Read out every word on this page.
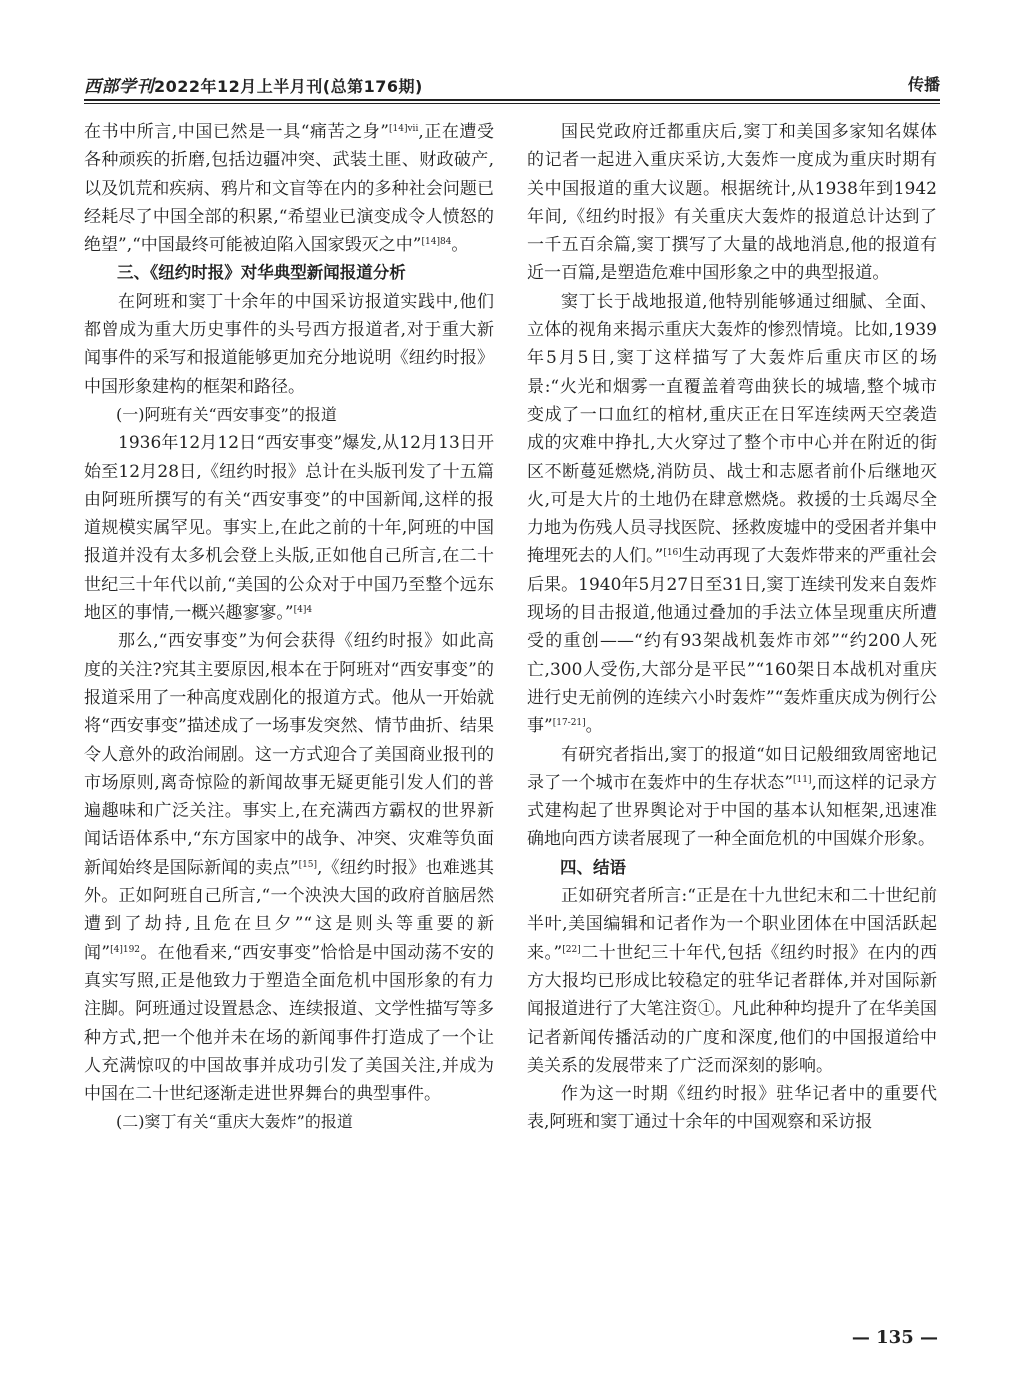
西部学刊2022年12月上半月刊(总第176期)	传播

在书中所言,中国已然是一具“痛苦之身”$^{[14]vii}$,正在遭受各种顽疾的折磨,包括边疆冲突、武装土匪、财政破产,以及饥荒和疾病、鸦片和文盲等在内的多种社会问题已经耗尽了中国全部的积累,“希望业已演变成令人愤怒的绝望”,“中国最终可能被迫陷入国家毁灭之中”$^{[14]84}$。

三、《纽约时报》对华典型新闻报道分析

在阿班和窦丁十余年的中国采访报道实践中,他们都曾成为重大历史事件的头号西方报道者,对于重大新闻事件的采写和报道能够更加充分地说明《纽约时报》中国形象建构的框架和路径。

(一)阿班有关“西安事变”的报道

1936年12月12日“西安事变”爆发,从12月13日开始至12月28日,《纽约时报》总计在头版刊发了十五篇由阿班所撰写的有关“西安事变”的中国新闻,这样的报道规模实属罕见。事实上,在此之前的十年,阿班的中国报道并没有太多机会登上头版,正如他自己所言,在二十世纪三十年代以前,“美国的公众对于中国乃至整个远东地区的事情,一概兴趣寥寥。”$^{[4]4}$

那么,“西安事变”为何会获得《纽约时报》如此高度的关注?究其主要原因,根本在于阿班对“西安事变”的报道采用了一种高度戏剧化的报道方式。他从一开始就将“西安事变”描述成了一场事发突然、情节曲折、结果令人意外的政治闹剧。这一方式迎合了美国商业报刊的市场原则,离奇惊险的新闻故事无疑更能引发人们的普遍趣味和广泛关注。事实上,在充满西方霸权的世界新闻话语体系中,“东方国家中的战争、冲突、灾难等负面新闻始终是国际新闻的卖点”[15],《纽约时报》也难逃其外。正如阿班自己所言,“一个泱泱大国的政府首脑居然遭到了劫持,且危在旦夕”“这是则头等重要的新闻”$^{[4]192}$。在他看来,“西安事变”恰恰是中国动荡不安的真实写照,正是他致力于塑造全面危机中国形象的有力注脚。阿班通过设置悬念、连续报道、文学性描写等多种方式,把一个他并未在场的新闻事件打造成了一个让人充满惊叹的中国故事并成功引发了美国关注,并成为中国在二十世纪逐渐走进世界舞台的典型事件。

(二)窦丁有关“重庆大轰炸”的报道

国民党政府迁都重庆后,窦丁和美国多家知名媒体的记者一起进入重庆采访,大轰炸一度成为重庆时期有关中国报道的重大议题。根据统计,从1938年到1942年间,《纽约时报》有关重庆大轰炸的报道总计达到了一千五百余篇,窦丁撰写了大量的战地消息,他的报道有近一百篇,是塑造危难中国形象之中的典型报道。

窦丁长于战地报道,他特别能够通过细腻、全面、立体的视角来揭示重庆大轰炸的惨烈情境。比如,1939年5月5日,窦丁这样描写了大轰炸后重庆市区的场景:“火光和烟雾一直覆盖着弯曲狭长的城墙,整个城市变成了一口血红的棺材,重庆正在日军连续两天空袭造成的灾难中挣扎,大火穿过了整个市中心并在附近的街区不断蔓延燃烧,消防员、战士和志愿者前仆后继地灭火,可是大片的土地仍在肆意燃烧。救援的士兵竭尽全力地为伤残人员寻找医院、拯救废墟中的受困者并集中掩埋死去的人们。”[16]生动再现了大轰炸带来的严重社会后果。1940年5月27日至31日,窦丁连续刊发来自轰炸现场的目击报道,他通过叠加的手法立体呈现重庆所遭受的重创——“约有93架战机轰炸市郊”“约200人死亡,300人受伤,大部分是平民”“160架日本战机对重庆进行史无前例的连续六小时轰炸”“轰炸重庆成为例行公事”[17-21]。

有研究者指出,窦丁的报道“如日记般细致周密地记录了一个城市在轰炸中的生存状态”[11],而这样的记录方式建构起了世界舆论对于中国的基本认知框架,迅速准确地向西方读者展现了一种全面危机的中国媒介形象。

四、结语

正如研究者所言:“正是在十九世纪末和二十世纪前半叶,美国编辑和记者作为一个职业团体在中国活跃起来。”[22]二十世纪三十年代,包括《纽约时报》在内的西方大报均已形成比较稳定的驻华记者群体,并对国际新闻报道进行了大笔注资①。凡此种种均提升了在华美国记者新闻传播活动的广度和深度,他们的中国报道给中美关系的发展带来了广泛而深刻的影响。

作为这一时期《纽约时报》驻华记者中的重要代表,阿班和窦丁通过十余年的中国观察和采访报

— 135 —
